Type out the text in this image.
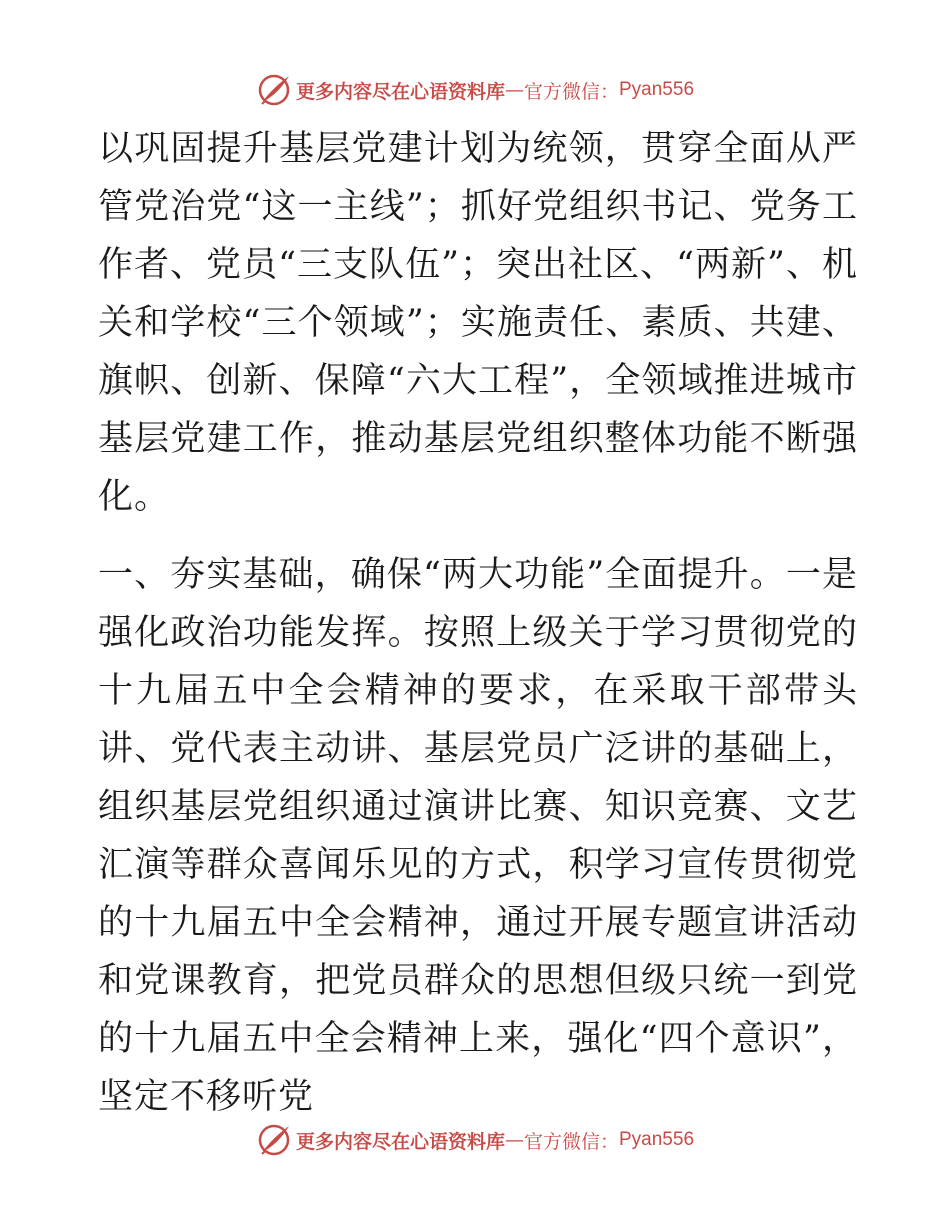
更多内容尽在心语资料库 — 官方微信： Pyan556

以巩固提升基层党建计划为统领，贯穿全面从严管党治党“这一主线”；抓好党组织书记、党务工作者、党员“三支队伍”；突出社区、“两新”、机关和学校“三个领域”；实施责任、素质、共建、旗帜、创新、保障“六大工程”，全领域推进城市基层党建工作，推动基层党组织整体功能不断强化。

一、夯实基础，确保“两大功能”全面提升。一是强化政治功能发挥。按照上级关于学习贯彻党的十九届五中全会精神的要求，在采取干部带头讲、党代表主动讲、基层党员广泛讲的基础上，组织基层党组织通过演讲比赛、知识竞赛、文艺汇演等群众喜闻乐见的方式，积学习宣传贯彻党的十九届五中全会精神，通过开展专题宣讲活动和党课教育，把党员群众的思想但级只统一到党的十九届五中全会精神上来，强化“四个意识”，坚定不移听党

更多内容尽在心语资料库 — 官方微信： Pyan556
